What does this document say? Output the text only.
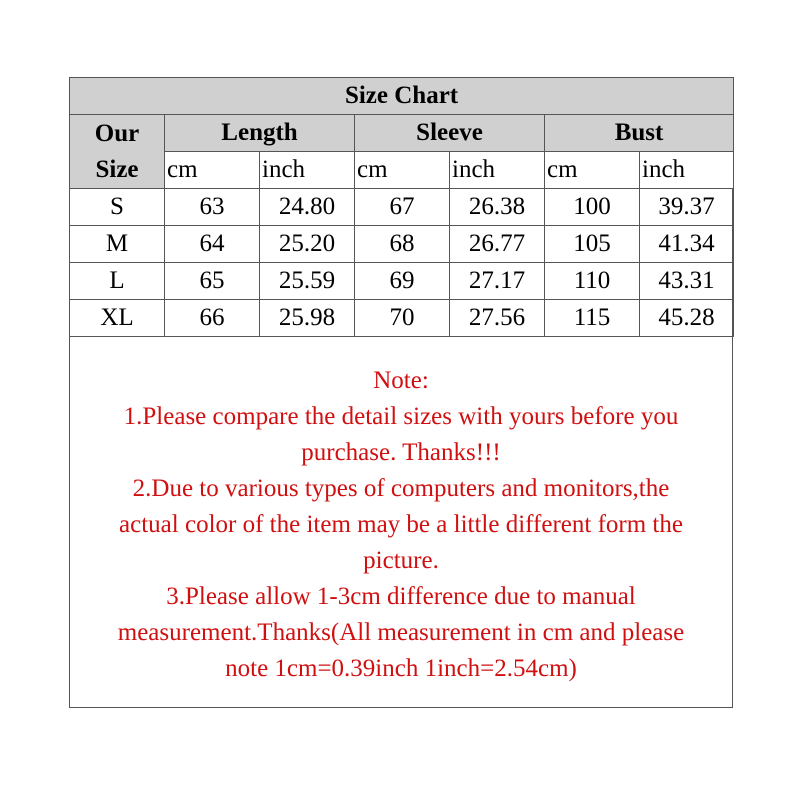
Size Chart						

Our
Size	Length		Sleeve		Bust	
	cm	inch	cm	inch	cm	inch
S	63	24.80	67	26.38	100	39.37
M	64	25.20	68	26.77	105	41.34
L	65	25.59	69	27.17	110	43.31
XL	66	25.98	70	27.56	115	45.28
Note:
1.Please compare the detail sizes with yours before you
purchase. Thanks!!!
2.Due to various types of computers and monitors,the
actual color of the item may be a little different form the
picture.
3.Please allow 1-3cm difference due to manual
measurement.Thanks(All measurement in cm and please
note 1cm=0.39inch 1inch=2.54cm)
